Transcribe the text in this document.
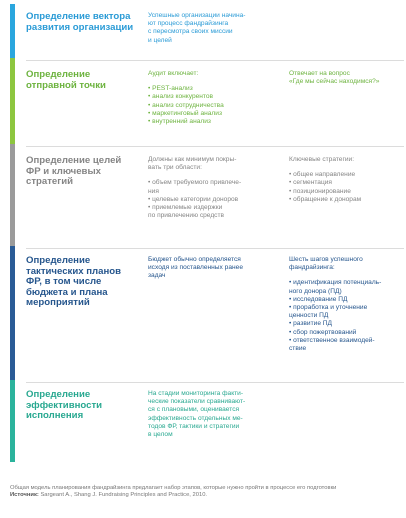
Определение вектора развития организации
Успешные организации начина-
ют процесс фандрайзинга
с пересмотра своих миссии
и целей
Определение отправной точки
Аудит включает:
• PEST-анализ
• анализ конкурентов
• анализ сотрудничества
• маркетинговый анализ
• внутренний анализ
Отвечает на вопрос
«Где мы сейчас находимся?»
Определение целей ФР и ключевых стратегий
Должны как минимум покры-
вать три области:
• объем требуемого привлече-
ния
• целевые категории доноров
• приемлемые издержки
по привлечению средств
Ключевые стратегии:
• общее направление
• сегментация
• позиционирование
• обращение к донорам
Определение тактических планов ФР, в том числе бюджета и плана мероприятий
Бюджет обычно определяется
исходя из поставленных ранее
задач
Шесть шагов успешного
фандрайзинга:
• идентификация потенциаль-
ного донора (ПД)
• исследование ПД
• проработка и уточнение
ценности ПД
• развитие ПД
• сбор пожертвований
• ответственное взаимодей-
ствие
Определение эффективности исполнения
На стадии мониторинга факти-
ческие показатели сравнивают-
ся с плановыми, оценивается
эффективность отдельных ме-
тодов ФР, тактики и стратегии
в целом
Общая модель планирования фандрайзинга предлагает набор этапов, которые нужно пройти в процессе его подготовки
Источник: Sargeant A., Shang J. Fundraising Principles and Practice, 2010.
